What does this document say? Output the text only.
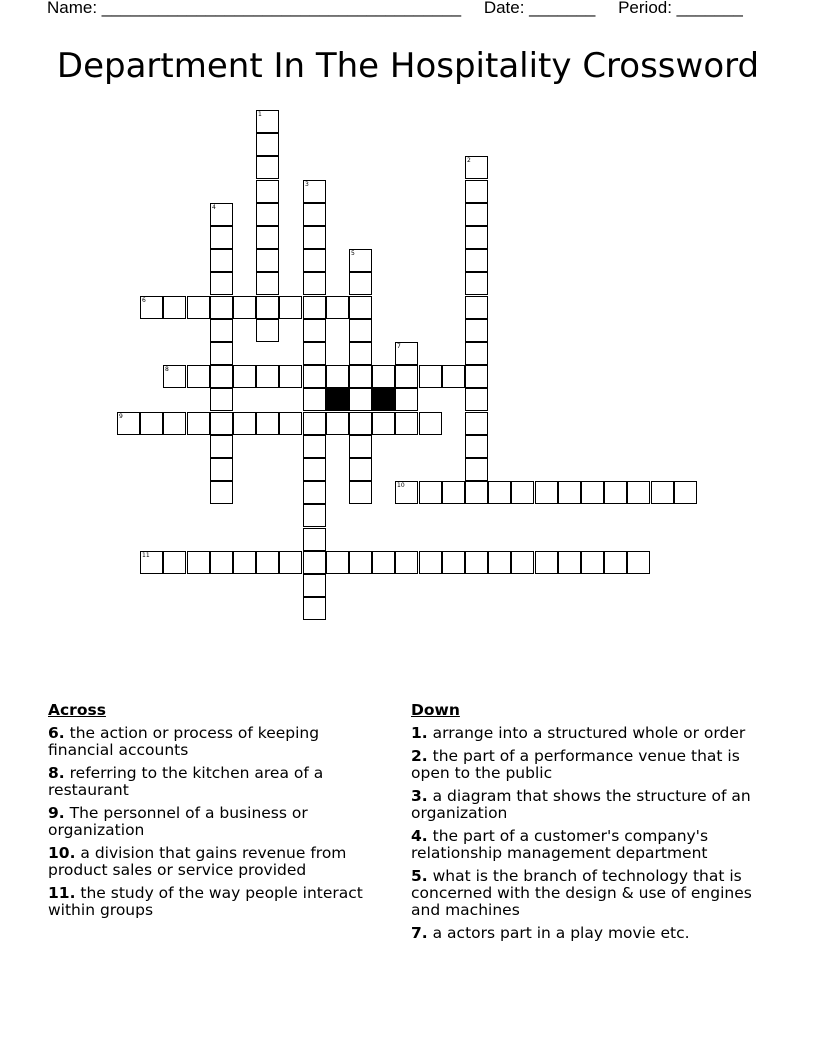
Name: ______________________________________ Date: _______ Period: _______
Department In The Hospitality Crossword
1
2
3
4
5
6
7
8
9
10
11
Across
6. the action or process of keeping financial accounts
8. referring to the kitchen area of a restaurant
9. The personnel of a business or organization
10. a division that gains revenue from product sales or service provided
11. the study of the way people interact within groups
Down
1. arrange into a structured whole or order
2. the part of a performance venue that is open to the public
3. a diagram that shows the structure of an organization
4. the part of a customer's company's relationship management department
5. what is the branch of technology that is concerned with the design & use of engines and machines
7. a actors part in a play movie etc.
